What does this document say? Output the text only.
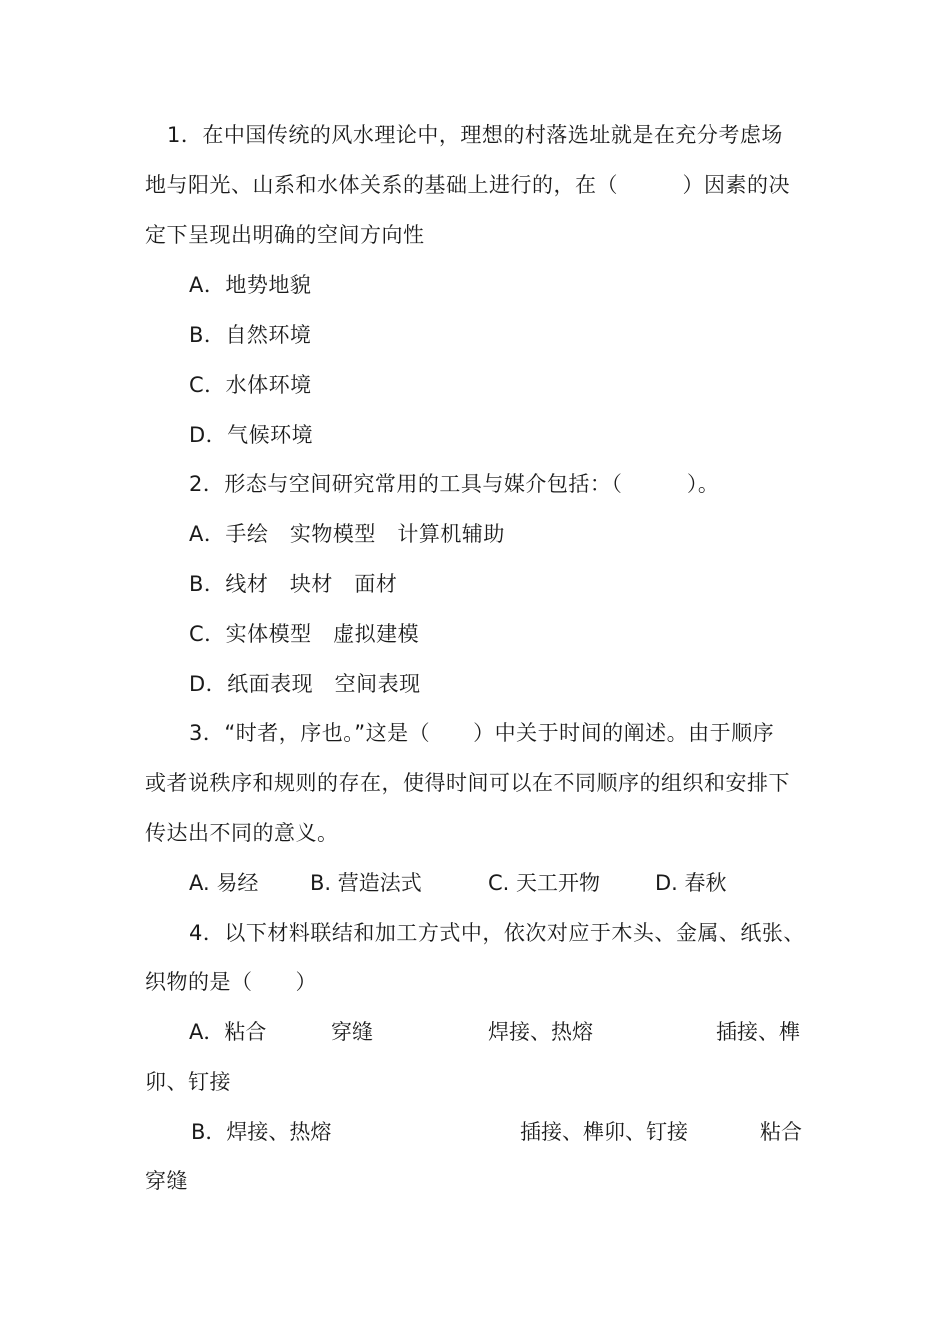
1．在中国传统的风水理论中，理想的村落选址就是在充分考虑场
地与阳光、山系和水体关系的基础上进行的，在（　　　）因素的决
定下呈现出明确的空间方向性
A．地势地貌
B．自然环境
C．水体环境
D．气候环境
2．形态与空间研究常用的工具与媒介包括：（　　　）。
A．手绘　实物模型　计算机辅助
B．线材　块材　面材
C．实体模型　虚拟建模
D．纸面表现　空间表现
3．“时者，序也。”这是（　　）中关于时间的阐述。由于顺序
或者说秩序和规则的存在，使得时间可以在不同顺序的组织和安排下
传达出不同的意义。
A. 易经 B. 营造法式	C. 天工开物	D. 春秋
4．以下材料联结和加工方式中，依次对应于木头、金属、纸张、
织物的是（　　）
A．粘合	穿缝	焊接、热熔	插接、榫
卯、钉接
B．焊接、热熔	插接、榫卯、钉接	粘合
穿缝
